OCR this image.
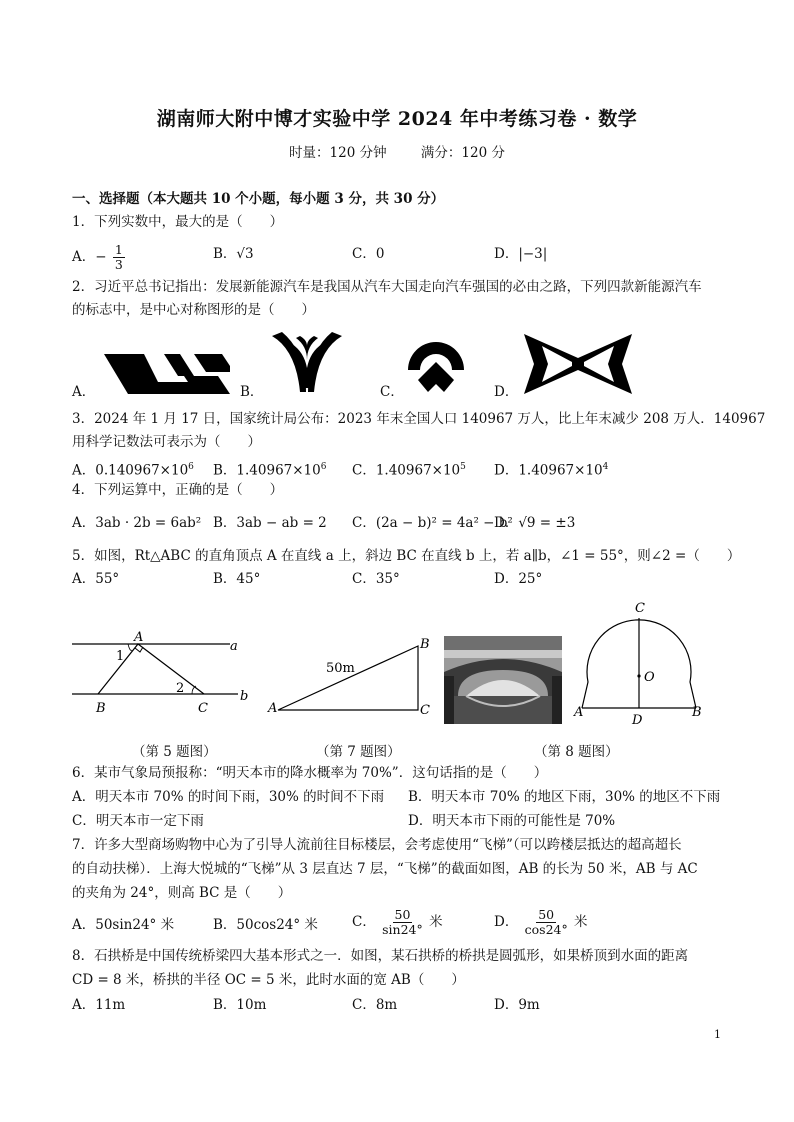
湖南师大附中博才实验中学 2024 年中考练习卷 · 数学
时量：120 分钟	满分：120 分
一、选择题（本大题共 10 个小题，每小题 3 分，共 30 分）
1．下列实数中，最大的是（　　）
A．− $\frac{1}{3}$	B．√3	C．0	D．|−3|
2．习近平总书记指出：发展新能源汽车是我国从汽车大国走向汽车强国的必由之路，下列四款新能源汽车
的标志中，是中心对称图形的是（　　）
A．	B．	C．	D．
3．2024 年 1 月 17 日，国家统计局公布：2023 年末全国人口 140967 万人，比上年末减少 208 万人．140967
用科学记数法可表示为（　　）
A．$0.140967\times 10^6$ B．$1.40967\times 10^6$ C．$1.40967\times 10^5$ D．$1.40967\times 10^4$
4．下列运算中，正确的是（　　）
A．3ab · 2b = 6ab² B．3ab − ab = 2 C．(2a − b)² = 4a² − b²
D．√9 = ±3
5．如图，Rt△ABC 的直角顶点 A 在直线 a 上，斜边 BC 在直线 b 上，若 a∥b，∠1 = 55°，则∠2 =（　　）
A．55°	B．45°	C．35°	D．25°
A
B	C
a
b
1
2
（第 5 题图）
A
B
C
50m
（第 7 题图）
C
O
A
D
B
（第 8 题图）
6．某市气象局预报称：“明天本市的降水概率为 70%”．这句话指的是（　　）
A．明天本市 70% 的时间下雨，30% 的时间不下雨 B．明天本市 70% 的地区下雨，30% 的地区不下雨
C．明天本市一定下雨	D．明天本市下雨的可能性是 70%
7．许多大型商场购物中心为了引导人流前往目标楼层，会考虑使用“飞梯”（可以跨楼层抵达的超高超长
的自动扶梯）．上海大悦城的“飞梯”从 3 层直达 7 层，“飞梯”的截面如图，AB 的长为 50 米，AB 与 AC
的夹角为 24°，则高 BC 是（　　）
A．50sin24° 米	B．50cos24° 米	C． $\frac{50}{\sin 24^\circ}$ 米	D． $\frac{50}{\cos 24^\circ}$ 米
8．石拱桥是中国传统桥梁四大基本形式之一．如图，某石拱桥的桥拱是圆弧形，如果桥顶到水面的距离
CD = 8 米，桥拱的半径 OC = 5 米，此时水面的宽 AB（　　）
A．11m	B．10m	C．8m	D．9m
1
